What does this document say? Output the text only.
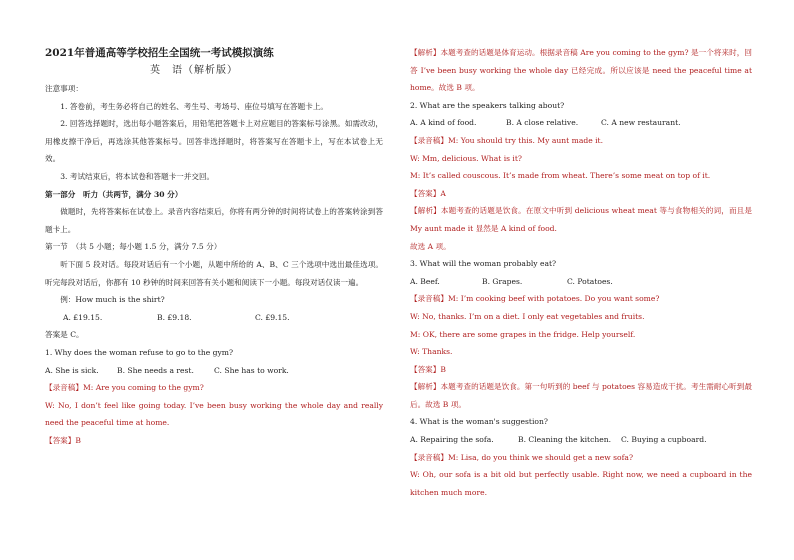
2021年普通高等学校招生全国统一考试模拟演练

英　语（解析版）

注意事项：

1. 答卷前，考生务必将自己的姓名、考生号、考场号、座位号填写在答题卡上。

2. 回答选择题时，选出每小题答案后，用铅笔把答题卡上对应题目的答案标号涂黑。如需改动，用橡皮擦干净后，再选涂其他答案标号。回答非选择题时，将答案写在答题卡上，写在本试卷上无效。

3. 考试结束后，将本试卷和答题卡一并交回。

第一部分　听力（共两节，满分 30 分）

做题时，先将答案标在试卷上。录音内容结束后，你将有两分钟的时间将试卷上的答案转涂到答题卡上。

第一节　（共 5 小题；每小题 1.5 分，满分 7.5 分）

听下面 5 段对话。每段对话后有一个小题，从题中所给的 A、B、C 三个选项中选出最佳选项。听完每段对话后，你都有 10 秒钟的时间来回答有关小题和阅读下一小题。每段对话仅读一遍。

例：How much is the shirt?

A. £19.15.	B. £9.18.	C. £9.15.

答案是 C。

1. Why does the woman refuse to go to the gym?

A. She is sick.	B. She needs a rest.	C. She has to work.

【录音稿】M: Are you coming to the gym?

W: No, I don’t feel like going today. I’ve been busy working the whole day and really need the peaceful time at home.

【答案】B

【解析】本题考查的话题是体育运动。根据录音稿 Are you coming to the gym? 是一个将来时，回答 I’ve been busy working the whole day 已经完成。所以应该是 need the peaceful time at home。故选 B 项。

2. What are the speakers talking about?

A. A kind of food.	B. A close relative.	C. A new restaurant.

【录音稿】M: You should try this. My aunt made it.

W: Mm, delicious. What is it?

M: It’s called couscous. It’s made from wheat. There’s some meat on top of it.

【答案】A

【解析】本题考查的话题是饮食。在原文中听到 delicious wheat meat 等与食物相关的词，而且是 My aunt made it 显然是 A kind of food.

故选 A 项。

3. What will the woman probably eat?

A. Beef.	B. Grapes.	C. Potatoes.

【录音稿】M: I’m cooking beef with potatoes. Do you want some?

W: No, thanks. I’m on a diet. I only eat vegetables and fruits.

M: OK, there are some grapes in the fridge. Help yourself.

W: Thanks.

【答案】B

【解析】本题考查的话题是饮食。第一句听到的 beef 与 potatoes 容易造成干扰。考生需耐心听到最后。故选 B 项。

4. What is the woman's suggestion?

A. Repairing the sofa.	B. Cleaning the kitchen.	C. Buying a cupboard.

【录音稿】M: Lisa, do you think we should get a new sofa?

W: Oh, our sofa is a bit old but perfectly usable. Right now, we need a cupboard in the kitchen much more.
